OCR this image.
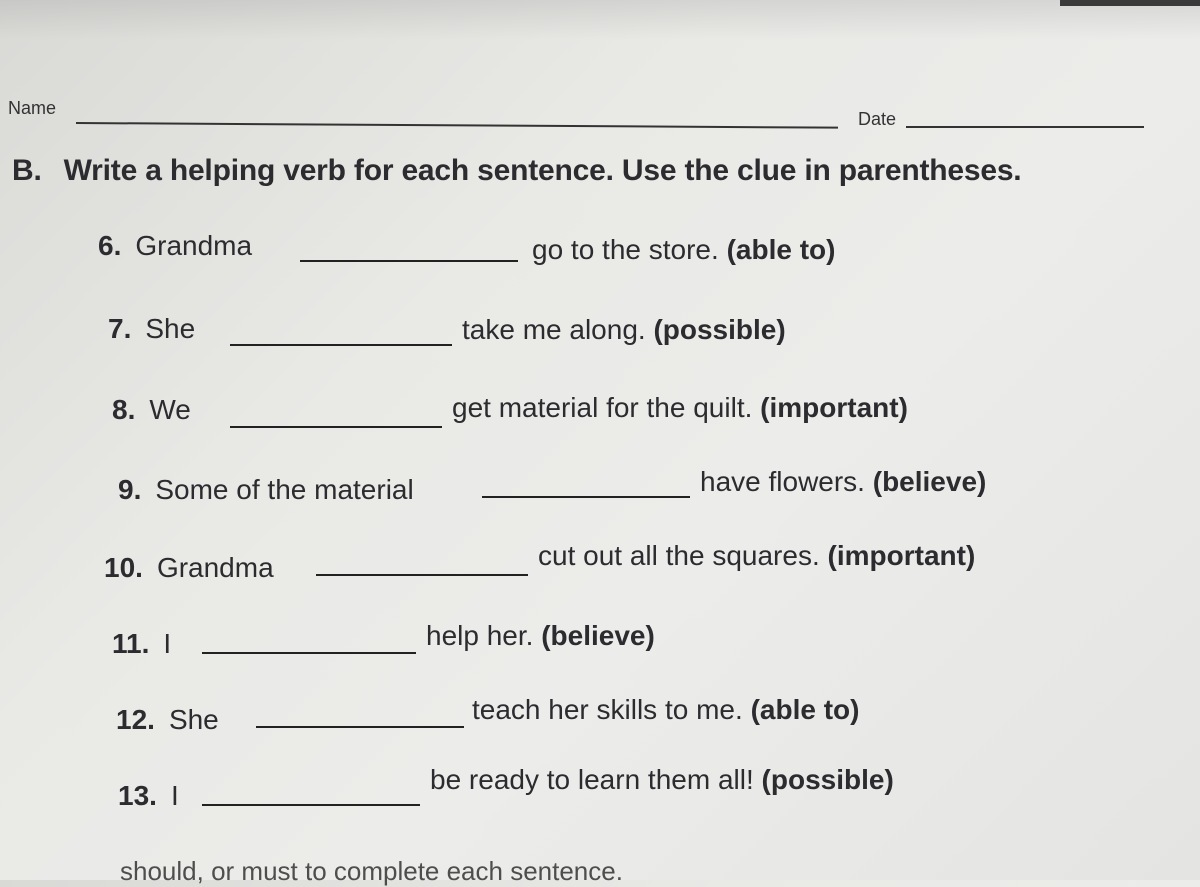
Name
Date
B. Write a helping verb for each sentence. Use the clue in parentheses.
6. Grandma	go to the store. (able to)
7. She	take me along. (possible)
8. We	get material for the quilt. (important)
9. Some of the material	have flowers. (believe)
10. Grandma	cut out all the squares. (important)
11. I	help her. (believe)
12. She	teach her skills to me. (able to)
13. I
be ready to learn them all! (possible)
should, or must to complete each sentence.
